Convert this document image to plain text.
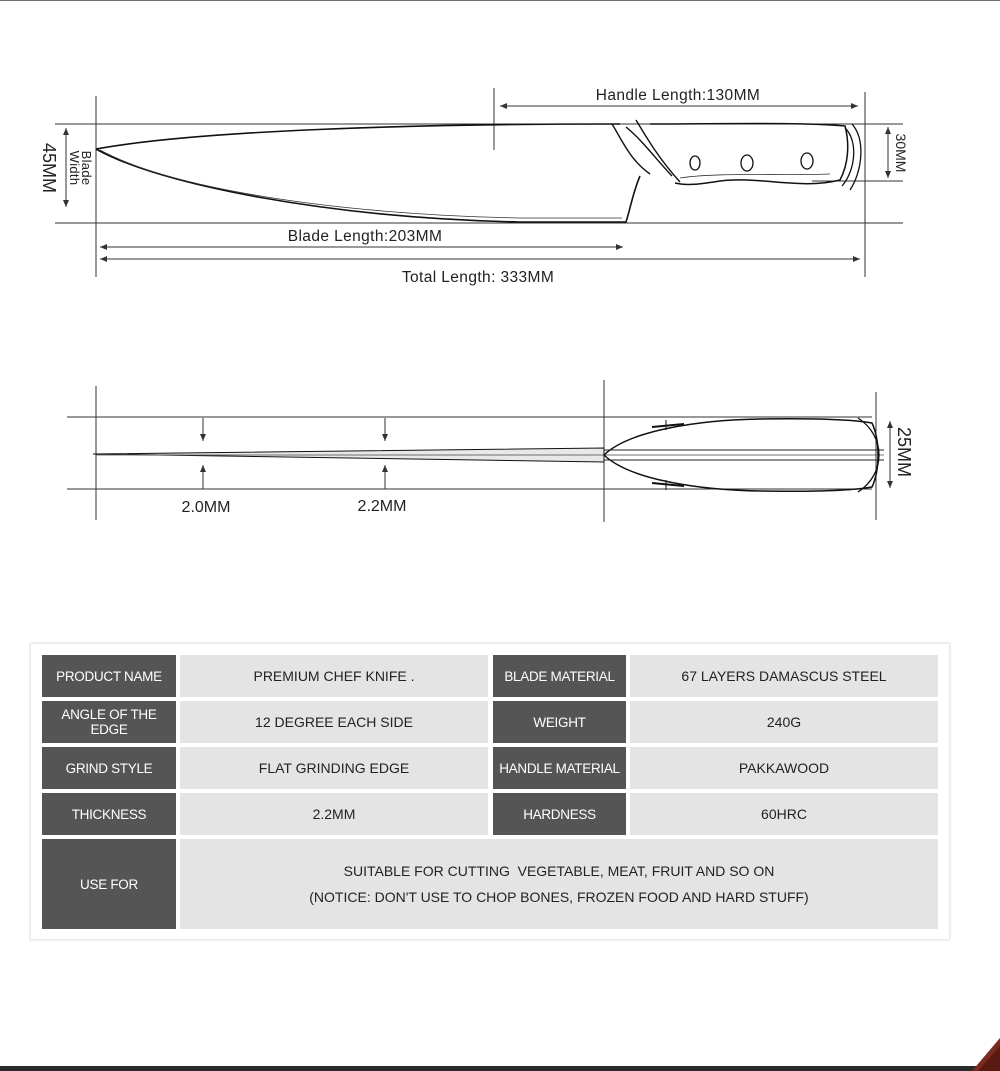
Handle Length:130MM
Blade Length:203MM
Total Length: 333MM
45MM Blade
Width	30MM
2.0MM	2.2MM
25MM
PRODUCT NAME	PREMIUM CHEF KNIFE .	BLADE MATERIAL	67 LAYERS DAMASCUS STEEL
ANGLE OF THE EDGE	12 DEGREE EACH SIDE	WEIGHT	240G
GRIND STYLE	FLAT GRINDING EDGE	HANDLE MATERIAL	PAKKAWOOD
THICKNESS	2.2MM	HARDNESS	60HRC
USE FOR
SUITABLE FOR CUTTING  VEGETABLE, MEAT, FRUIT AND SO ON
(NOTICE: DON'T USE TO CHOP BONES, FROZEN FOOD AND HARD STUFF)
